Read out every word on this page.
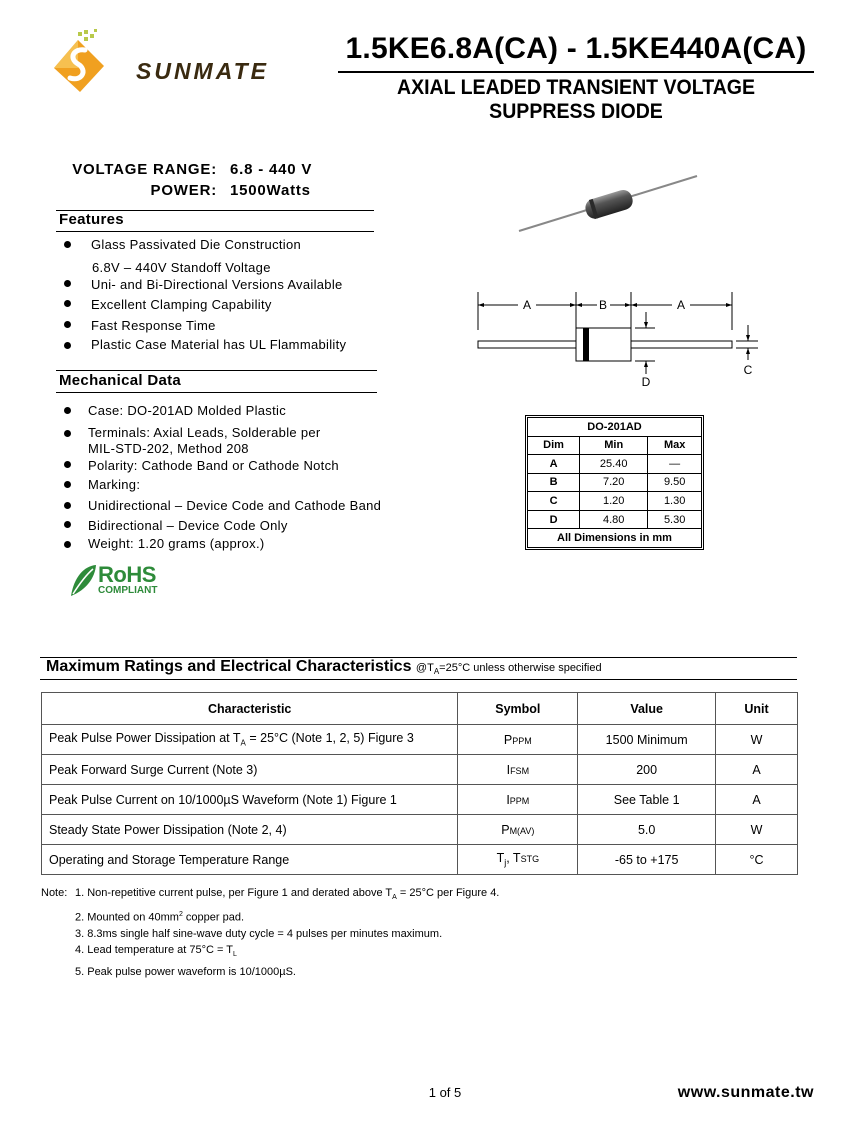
SUNMATE
1.5KE6.8A(CA) - 1.5KE440A(CA)
AXIAL LEADED TRANSIENT VOLTAGE SUPPRESS DIODE
VOLTAGE RANGE: 6.8 - 440 V
POWER: 1500Watts
Features
Glass Passivated Die Construction
6.8V – 440V Standoff Voltage
Uni- and Bi-Directional Versions Available
Excellent Clamping Capability
Fast Response Time
Plastic Case Material has UL Flammability
Mechanical Data
Case: DO-201AD Molded Plastic
Terminals: Axial Leads, Solderable per
MIL-STD-202, Method 208
Polarity: Cathode Band or Cathode Notch
Marking:
Unidirectional – Device Code and Cathode Band
Bidirectional – Device Code Only
Weight: 1.20 grams (approx.)
RoHS
COMPLIANT
A	B	A
C
D
DO-201AD		
Dim	Min	Max
A	25.40	—
B	7.20	9.50
C	1.20	1.30
D	4.80	5.30
All Dimensions in mm		
Maximum Ratings and Electrical Characteristics $@T_A=25^\circ C$ unless otherwise specified
Characteristic	Symbol	Value	Unit
Peak Pulse Power Dissipation at $T_A = 25^\circ C$ (Note 1, 2, 5) Figure 3	PPPM	1500 Minimum	W
Peak Forward Surge Current (Note 3)	IFSM	200	A
Peak Pulse Current on 10/1000µS Waveform (Note 1) Figure 1	IPPM	See Table 1	A
Steady State Power Dissipation (Note 2, 4)	PM(AV)	5.0	W
Operating and Storage Temperature Range	$T_j$, TSTG	-65 to +175	°C
Note: 1. Non-repetitive current pulse, per Figure 1 and derated above $T_A = 25^\circ C$ per Figure 4.
2. Mounted on $40mm^2$ copper pad.
3. 8.3ms single half sine-wave duty cycle = 4 pulses per minutes maximum.
4. Lead temperature at $75^\circ C = T_L$
5. Peak pulse power waveform is 10/1000µS.
1 of 5	www.sunmate.tw
